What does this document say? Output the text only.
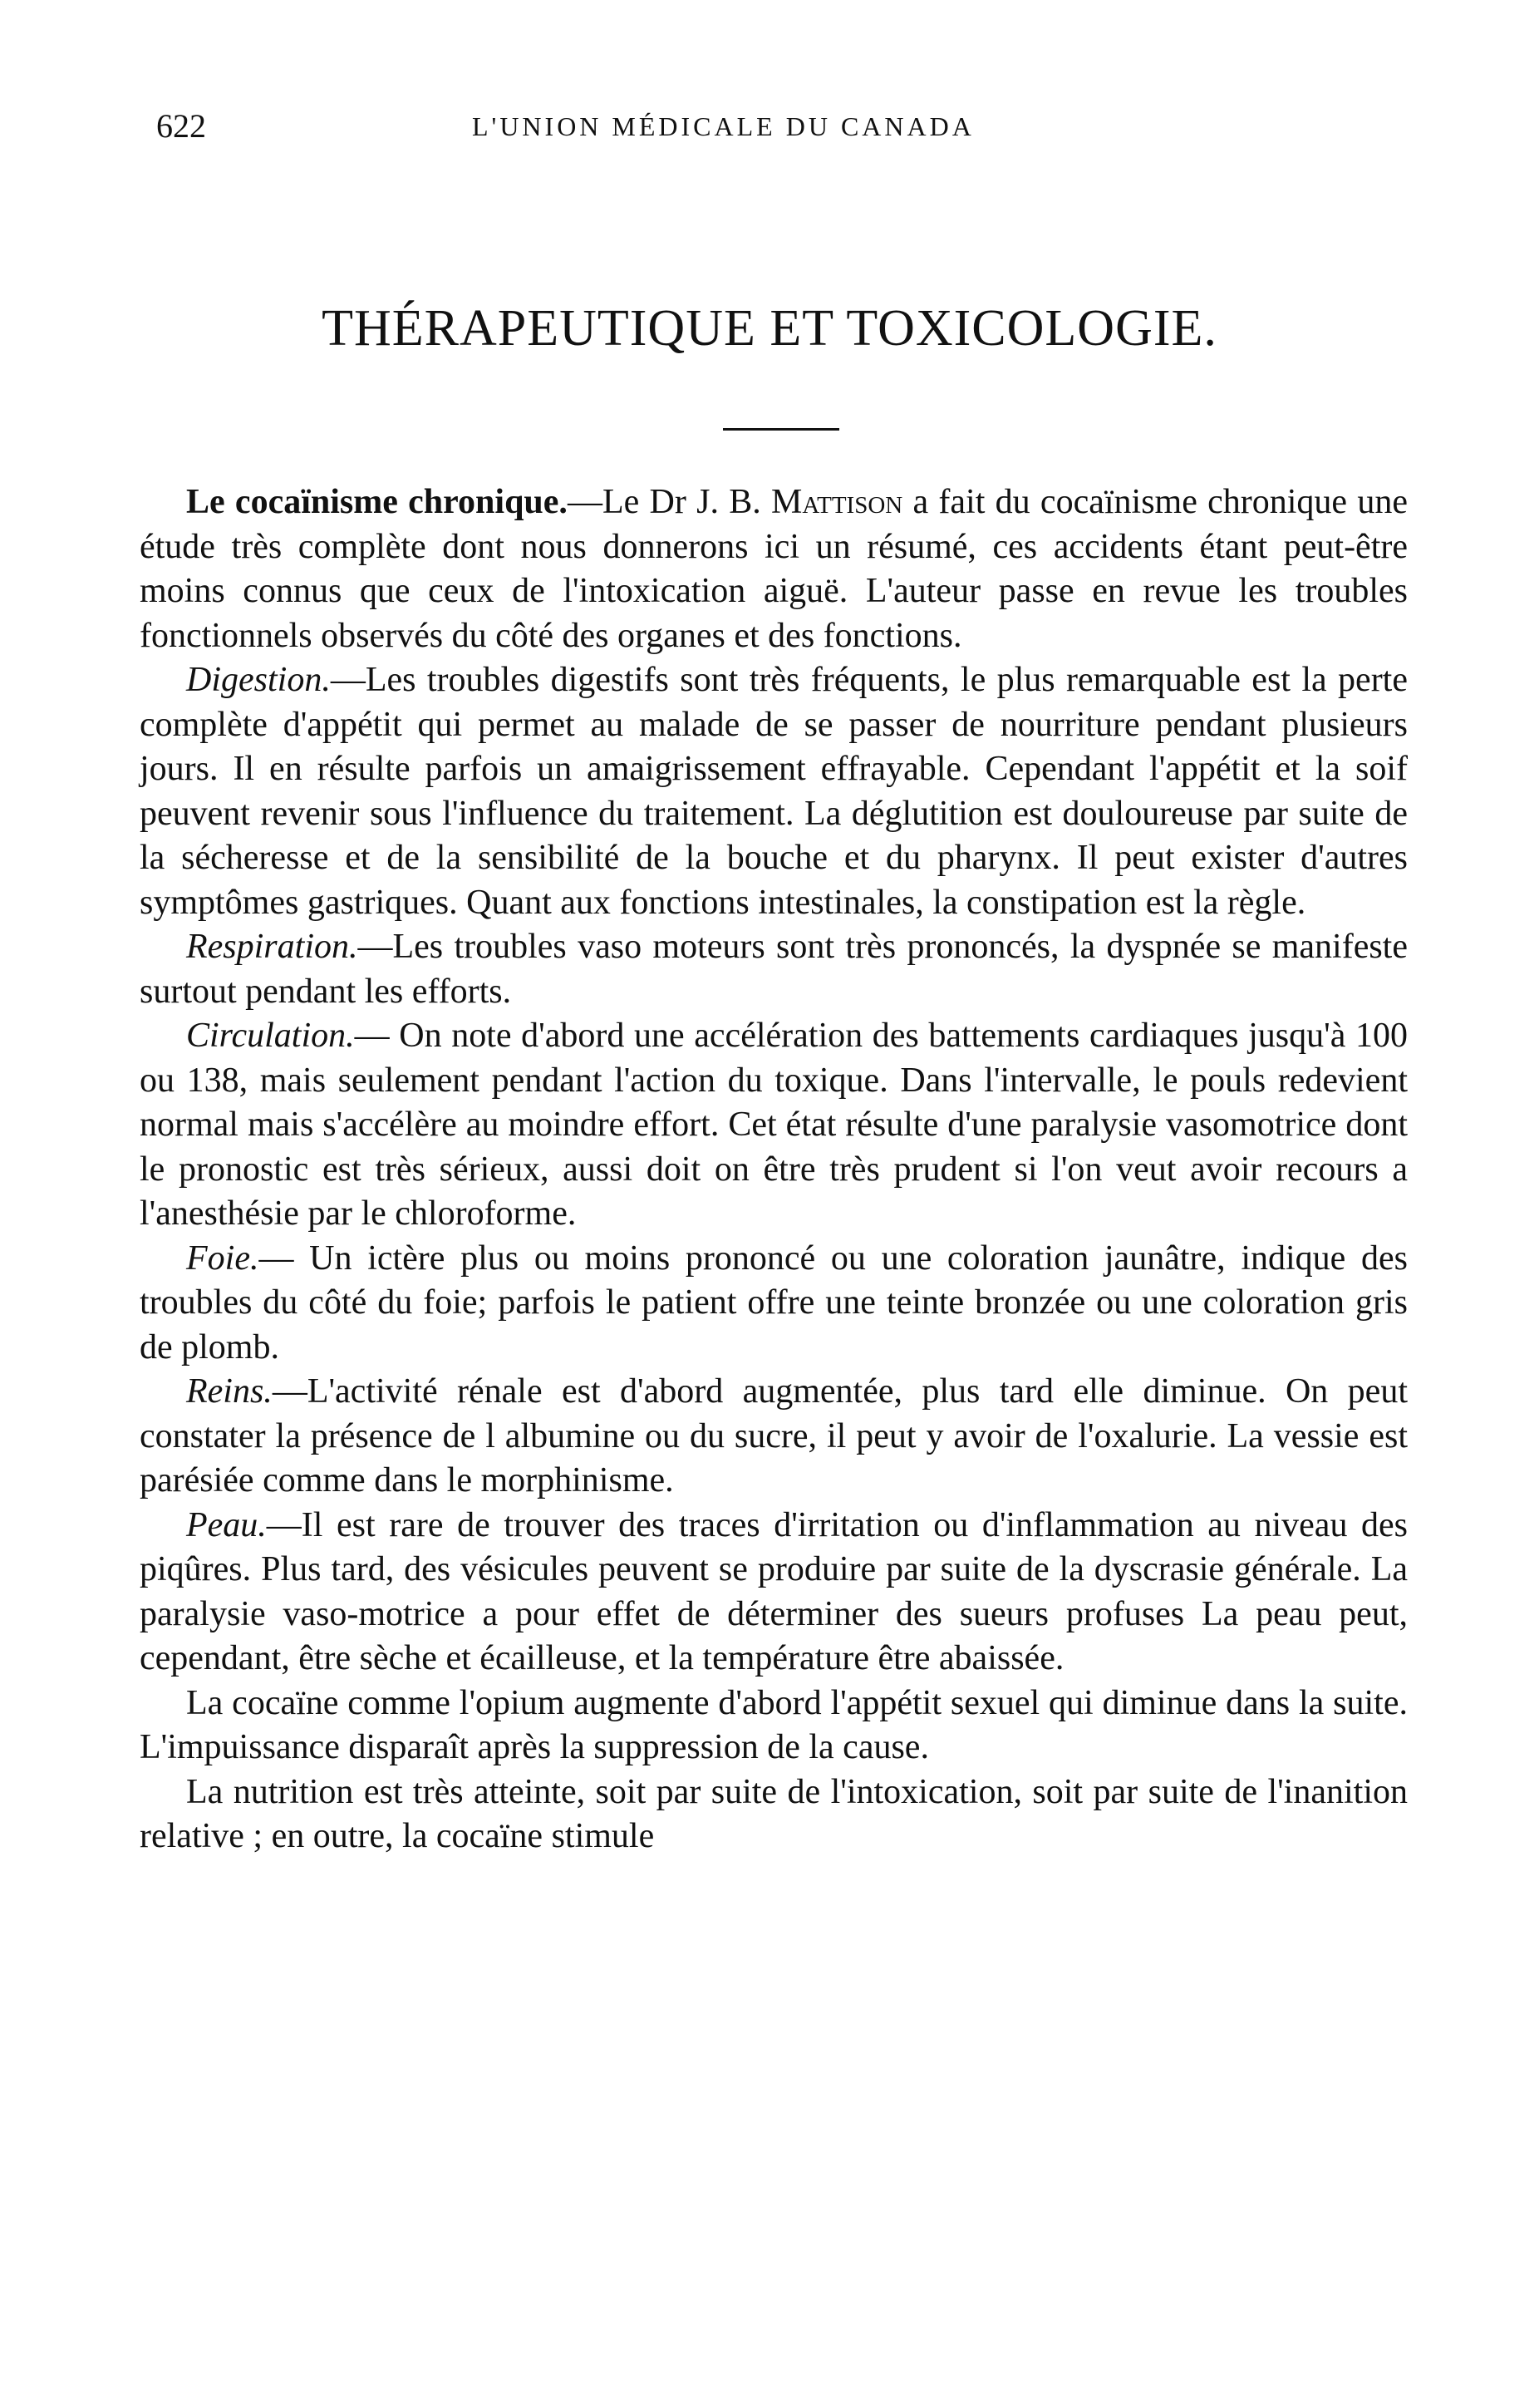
622	L'UNION MÉDICALE DU CANADA
THÉRAPEUTIQUE ET TOXICOLOGIE.

Le cocaïnisme chronique.—Le Dr J. B. Mattison a fait du cocaïnisme chronique une étude très complète dont nous donnerons ici un résumé, ces accidents étant peut-être moins connus que ceux de l'intoxication aiguë. L'auteur passe en revue les troubles fonctionnels observés du côté des organes et des fonctions.

Digestion.—Les troubles digestifs sont très fréquents, le plus remarquable est la perte complète d'appétit qui permet au malade de se passer de nourriture pendant plusieurs jours. Il en résulte parfois un amaigrissement effrayable. Cependant l'appétit et la soif peuvent revenir sous l'influence du traitement. La déglutition est douloureuse par suite de la sécheresse et de la sensibilité de la bouche et du pharynx. Il peut exister d'autres symptômes gastriques. Quant aux fonctions intestinales, la constipation est la règle.

Respiration.—Les troubles vaso moteurs sont très prononcés, la dyspnée se manifeste surtout pendant les efforts.

Circulation.— On note d'abord une accélération des battements cardiaques jusqu'à 100 ou 138, mais seulement pendant l'action du toxique. Dans l'intervalle, le pouls redevient normal mais s'accélère au moindre effort. Cet état résulte d'une paralysie vasomotrice dont le pronostic est très sérieux, aussi doit on être très prudent si l'on veut avoir recours a l'anesthésie par le chloroforme.

Foie.— Un ictère plus ou moins prononcé ou une coloration jaunâtre, indique des troubles du côté du foie; parfois le patient offre une teinte bronzée ou une coloration gris de plomb.

Reins.—L'activité rénale est d'abord augmentée, plus tard elle diminue. On peut constater la présence de l albumine ou du sucre, il peut y avoir de l'oxalurie. La vessie est parésiée comme dans le morphinisme.

Peau.—Il est rare de trouver des traces d'irritation ou d'inflammation au niveau des piqûres. Plus tard, des vésicules peuvent se produire par suite de la dyscrasie générale. La paralysie vaso-motrice a pour effet de déterminer des sueurs profuses La peau peut, cependant, être sèche et écailleuse, et la température être abaissée.

La cocaïne comme l'opium augmente d'abord l'appétit sexuel qui diminue dans la suite. L'impuissance disparaît après la suppression de la cause.

La nutrition est très atteinte, soit par suite de l'intoxication, soit par suite de l'inanition relative ; en outre, la cocaïne stimule
